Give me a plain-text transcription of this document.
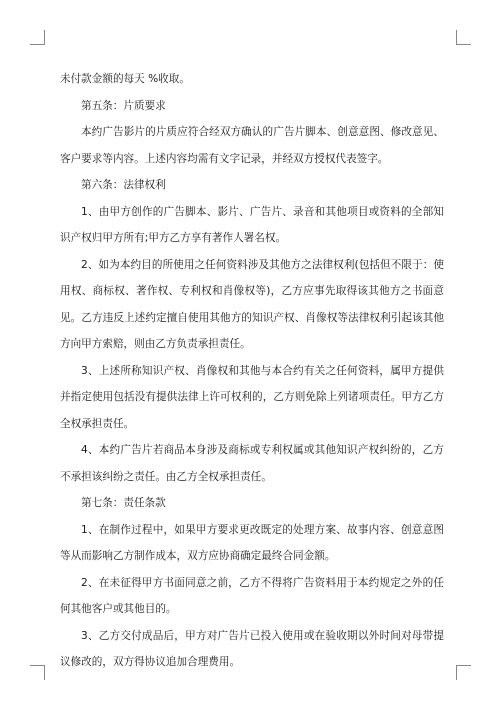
未付款金额的每天 %收取。

第五条：片质要求

本约广告影片的片质应符合经双方确认的广告片脚本、创意意图、修改意见、客户要求等内容。上述内容均需有文字记录，并经双方授权代表签字。

第六条：法律权利

1、由甲方创作的广告脚本、影片、广告片、录音和其他项目或资料的全部知识产权归甲方所有;甲方乙方享有著作人署名权。

2、如为本约目的所使用之任何资料涉及其他方之法律权利(包括但不限于：使用权、商标权、著作权、专利权和肖像权等)，乙方应事先取得该其他方之书面意见。乙方违反上述约定擅自使用其他方的知识产权、肖像权等法律权利引起该其他方向甲方索赔，则由乙方负责承担责任。

3、上述所称知识产权、肖像权和其他与本合约有关之任何资料，属甲方提供并指定使用包括没有提供法律上许可权利的，乙方则免除上列诸项责任。甲方乙方全权承担责任。

4、本约广告片若商品本身涉及商标或专利权属或其他知识产权纠纷的，乙方不承担该纠纷之责任。由乙方全权承担责任。

第七条：责任条款

1、在制作过程中，如果甲方要求更改既定的处理方案、故事内容、创意意图等从而影响乙方制作成本，双方应协商确定最终合同金额。

2、在未征得甲方书面同意之前，乙方不得将广告资料用于本约规定之外的任何其他客户或其他目的。

3、乙方交付成品后，甲方对广告片已投入使用或在验收期以外时间对母带提议修改的，双方得协议追加合理费用。
